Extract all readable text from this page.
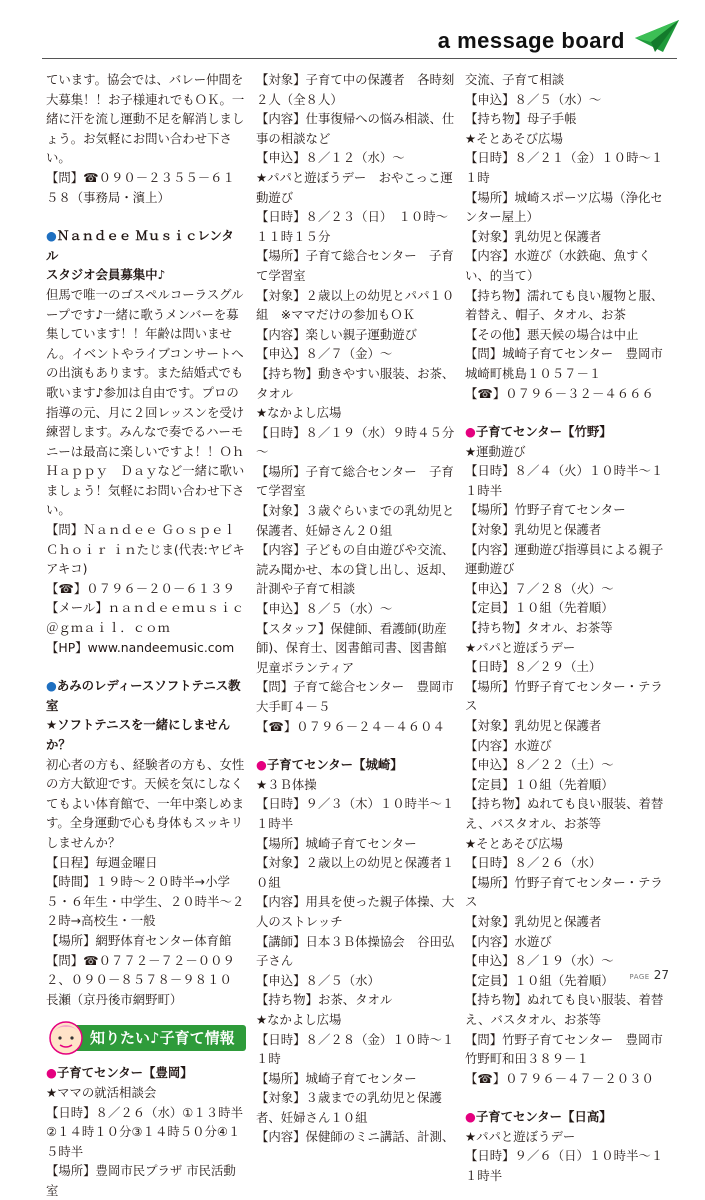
a message board

ています。協会では、バレー仲間を大募集！！お子様連れでもＯＫ。一緒に汗を流し運動不足を解消しましょう。お気軽にお問い合わせ下さい。

【問】☎０９０－２３５５－６１５８（事務局・濱上）

●Ｎａｎｄｅｅ Ｍｕｓｉｃレンタル

スタジオ会員募集中♪

但馬で唯一のゴスペルコーラスグループです♪一緒に歌うメンバーを募集しています！！年齢は問いません。イベントやライブコンサートへの出演もあります。また結婚式でも歌います♪参加は自由です。プロの指導の元、月に２回レッスンを受け練習します。みんなで奏でるハーモニーは最高に楽しいですよ！！Ｏｈ　Ｈａｐｐｙ　Ｄａｙなど一緒に歌いましょう！気軽にお問い合わせ下さい。

【問】Ｎａｎｄｅｅ Ｇｏｓｐｅｌ Ｃｈｏｉｒ ｉｎたじま(代表:ヤビキアキコ)

【☎】０７９６－２０－６１３９

【メール】ｎａｎｄｅｅｍｕｓｉｃ＠ｇｍａｉｌ．ｃｏｍ

【HP】www.nandeemusic.com

●あみのレディースソフトテニス教室

★ソフトテニスを一緒にしませんか？

初心者の方も、経験者の方も、女性の方大歓迎です。天候を気にしなくてもよい体育館で、一年中楽しめます。全身運動で心も身体もスッキリしませんか？

【日程】毎週金曜日

【時間】１９時～２０時半→小学５・６年生・中学生、２０時半～２２時→高校生・一般

【場所】網野体育センター体育館

【問】☎０７７２－７２－００９２、０９０－８５７８－９８１０　長瀬（京丹後市網野町）

知りたい♪子育て情報

●子育てセンター【豊岡】

★ママの就活相談会

【日時】８／２６（水）①１３時半②１４時１０分③１４時５０分④１５時半

【場所】豊岡市民プラザ 市民活動室

【対象】子育て中の保護者　各時刻２人（全８人）

【内容】仕事復帰への悩み相談、仕事の相談など

【申込】８／１２（水）～

★パパと遊ぼうデー　おやこっこ運動遊び

【日時】８／２３（日）　１０時～１１時１５分

【場所】子育て総合センター　子育て学習室

【対象】２歳以上の幼児とパパ１０組　※ママだけの参加もＯＫ

【内容】楽しい親子運動遊び

【申込】８／７（金）～

【持ち物】動きやすい服装、お茶、タオル

★なかよし広場

【日時】８／１９（水）９時４５分～

【場所】子育て総合センター　子育て学習室

【対象】３歳ぐらいまでの乳幼児と保護者、妊婦さん２０組

【内容】子どもの自由遊びや交流、読み聞かせ、本の貸し出し、返却、計測や子育て相談

【申込】８／５（水）～

【スタッフ】保健師、看護師(助産師)、保育士、図書館司書、図書館児童ボランティア

【問】子育て総合センター　豊岡市大手町４－５

【☎】０７９６－２４－４６０４

●子育てセンター【城崎】

★３Ｂ体操

【日時】９／３（木）１０時半～１１時半

【場所】城崎子育てセンター

【対象】２歳以上の幼児と保護者１０組

【内容】用具を使った親子体操、大人のストレッチ

【講師】日本３Ｂ体操協会　谷田弘子さん

【申込】８／５（水）

【持ち物】お茶、タオル

★なかよし広場

【日時】８／２８（金）１０時～１１時

【場所】城崎子育てセンター

【対象】３歳までの乳幼児と保護者、妊婦さん１０組

【内容】保健師のミニ講話、計測、

交流、子育て相談

【申込】８／５（水）～

【持ち物】母子手帳

★そとあそび広場

【日時】８／２１（金）１０時～１１時

【場所】城崎スポーツ広場（浄化センター屋上）

【対象】乳幼児と保護者

【内容】水遊び（水鉄砲、魚すくい、的当て）

【持ち物】濡れても良い履物と服、着替え、帽子、タオル、お茶

【その他】悪天候の場合は中止

【問】城崎子育てセンター　豊岡市城崎町桃島１０５７－１

【☎】０７９６－３２－４６６６

●子育てセンター【竹野】

★運動遊び

【日時】８／４（火）１０時半～１１時半

【場所】竹野子育てセンター

【対象】乳幼児と保護者

【内容】運動遊び指導員による親子運動遊び

【申込】７／２８（火）～

【定員】１０組（先着順）

【持ち物】タオル、お茶等

★パパと遊ぼうデー

【日時】８／２９（土）

【場所】竹野子育てセンター・テラス

【対象】乳幼児と保護者

【内容】水遊び

【申込】８／２２（土）～

【定員】１０組（先着順）

【持ち物】ぬれても良い服装、着替え、バスタオル、お茶等

★そとあそび広場

【日時】８／２６（水）

【場所】竹野子育てセンター・テラス

【対象】乳幼児と保護者

【内容】水遊び

【申込】８／１９（水）～

【定員】１０組（先着順）

【持ち物】ぬれても良い服装、着替え、バスタオル、お茶等

【問】竹野子育てセンター　豊岡市竹野町和田３８９－１

【☎】０７９６－４７－２０３０

●子育てセンター【日高】

★パパと遊ぼうデー

【日時】９／６（日）１０時半～１１時半

PAGE 27
